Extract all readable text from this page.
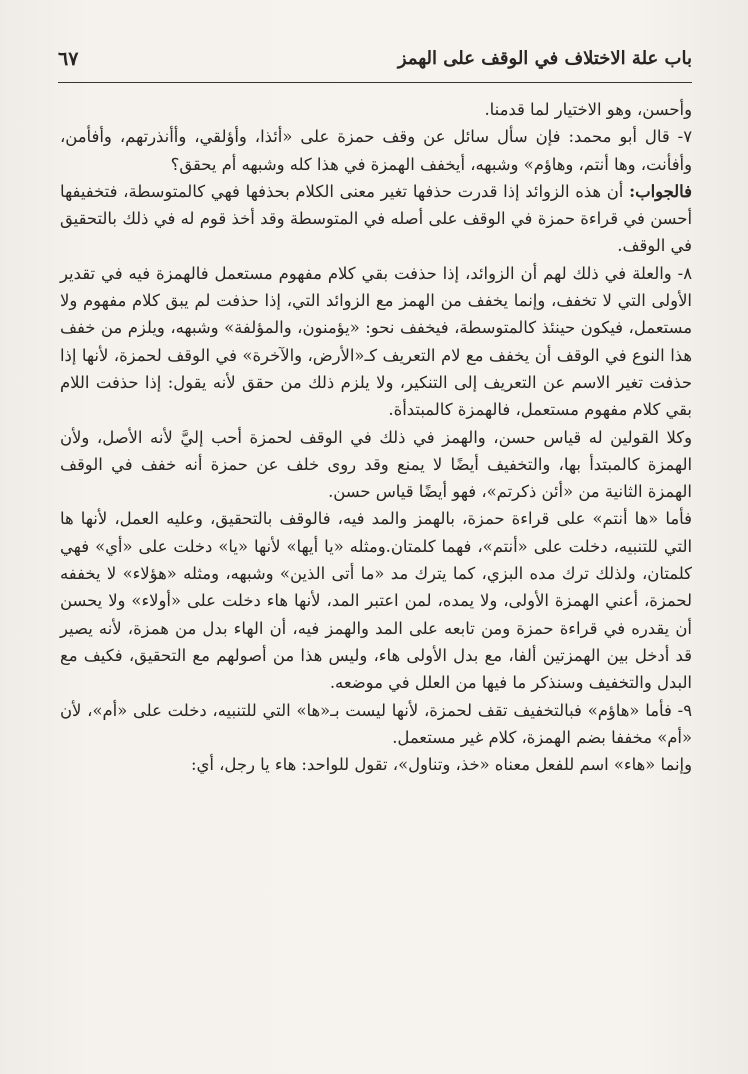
باب علة الاختلاف في الوقف على الهمز
٦٧

وأحسن، وهو الاختيار لما قدمنا.

٧- قال أبو محمد: فإن سأل سائل عن وقف حمزة على «أئذا، وأؤلقي، وأأنذرتهم، وأفأمن، وأفأنت، وها أنتم، وهاؤم» وشبهه، أيخفف الهمزة في هذا كله وشبهه أم يحقق؟

فالجواب: أن هذه الزوائد إذا قدرت حذفها تغير معنى الكلام بحذفها فهي كالمتوسطة، فتخفيفها أحسن في قراءة حمزة في الوقف على أصله في المتوسطة وقد أخذ قوم له في ذلك بالتحقيق في الوقف.

٨- والعلة في ذلك لهم أن الزوائد، إذا حذفت بقي كلام مفهوم مستعمل فالهمزة فيه في تقدير الأولى التي لا تخفف، وإنما يخفف من الهمز مع الزوائد التي، إذا حذفت لم يبق كلام مفهوم ولا مستعمل، فيكون حينئذ كالمتوسطة، فيخفف نحو: «يؤمنون، والمؤلفة» وشبهه، ويلزم من خفف هذا النوع في الوقف أن يخفف مع لام التعريف كـ«الأرض، والآخرة» في الوقف لحمزة، لأنها إذا حذفت تغير الاسم عن التعريف إلى التنكير، ولا يلزم ذلك من حقق لأنه يقول: إذا حذفت اللام بقي كلام مفهوم مستعمل، فالهمزة كالمبتدأة.

وكلا القولين له قياس حسن، والهمز في ذلك في الوقف لحمزة أحب إليَّ لأنه الأصل، ولأن الهمزة كالمبتدأ بها، والتخفيف أيضًا لا يمنع وقد روى خلف عن حمزة أنه خفف في الوقف الهمزة الثانية من «أئن ذكرتم»، فهو أيضًا قياس حسن.

فأما «ها أنتم» على قراءة حمزة، بالهمز والمد فيه، فالوقف بالتحقيق، وعليه العمل، لأنها ها التي للتنبيه، دخلت على «أنتم»، فهما كلمتان.ومثله «يا أيها» لأنها «يا» دخلت على «أي» فهي كلمتان، ولذلك ترك مده البزي، كما يترك مد «ما أتى الذين» وشبهه، ومثله «هؤلاء» لا يخففه لحمزة، أعني الهمزة الأولى، ولا يمده، لمن اعتبر المد، لأنها هاء دخلت على «أولاء» ولا يحسن أن يقدره في قراءة حمزة ومن تابعه على المد والهمز فيه، أن الهاء بدل من همزة، لأنه يصير قد أدخل بين الهمزتين ألفا، مع بدل الأولى هاء، وليس هذا من أصولهم مع التحقيق، فكيف مع البدل والتخفيف وسنذكر ما فيها من العلل في موضعه.

٩- فأما «هاؤم» فبالتخفيف تقف لحمزة، لأنها ليست بـ«ها» التي للتنبيه، دخلت على «أم»، لأن «أم» مخففا بضم الهمزة، كلام غير مستعمل.

وإنما «هاء» اسم للفعل معناه «خذ، وتناول»، تقول للواحد: هاء يا رجل، أي:
